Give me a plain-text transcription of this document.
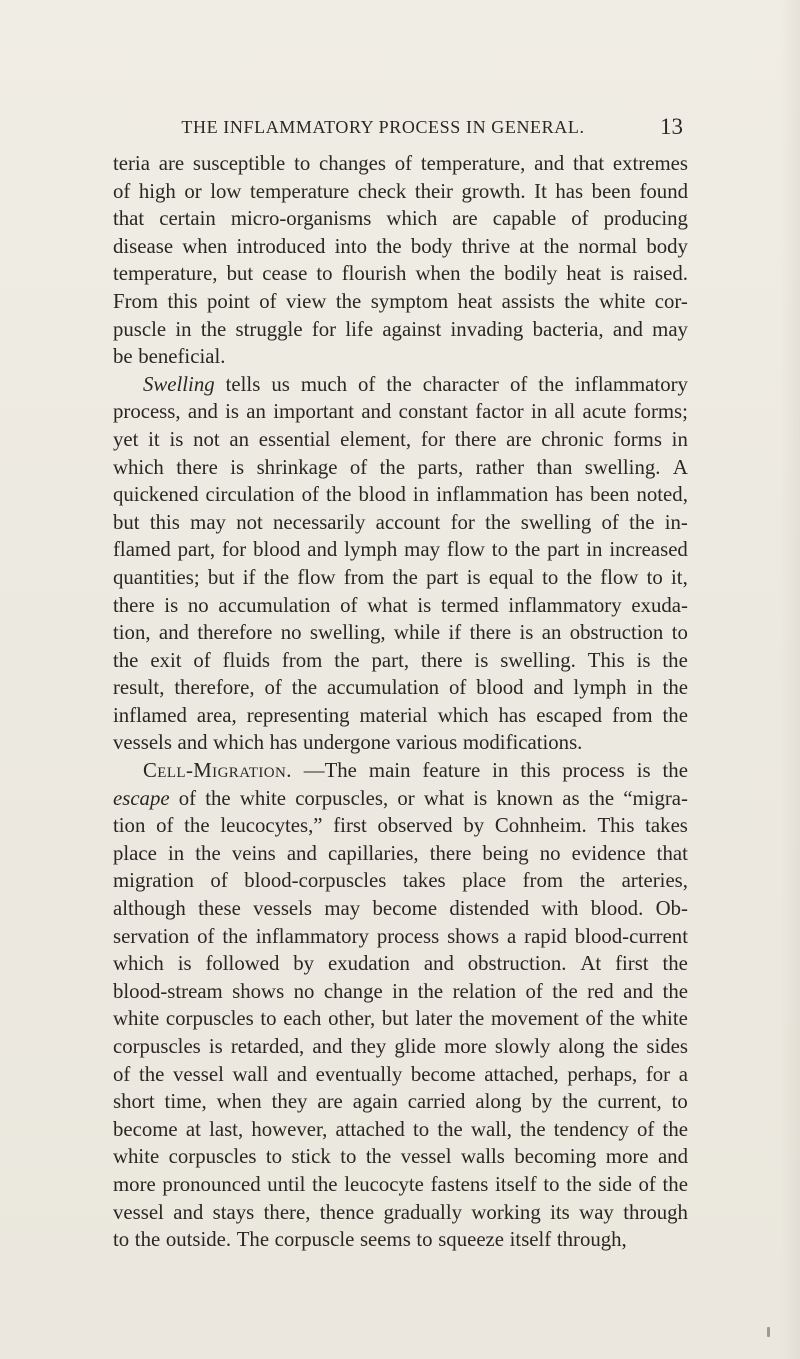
THE INFLAMMATORY PROCESS IN GENERAL.	13
teria are susceptible to changes of temperature, and that extremes
of high or low temperature check their growth. It has been found
that certain micro-organisms which are capable of producing
disease when introduced into the body thrive at the normal body
temperature, but cease to flourish when the bodily heat is raised.
From this point of view the symptom heat assists the white cor-
puscle in the struggle for life against invading bacteria, and may
be beneficial.
Swelling tells us much of the character of the inflammatory
process, and is an important and constant factor in all acute forms;
yet it is not an essential element, for there are chronic forms in
which there is shrinkage of the parts, rather than swelling. A
quickened circulation of the blood in inflammation has been noted,
but this may not necessarily account for the swelling of the in-
flamed part, for blood and lymph may flow to the part in increased
quantities; but if the flow from the part is equal to the flow to it,
there is no accumulation of what is termed inflammatory exuda-
tion, and therefore no swelling, while if there is an obstruction to
the exit of fluids from the part, there is swelling. This is the
result, therefore, of the accumulation of blood and lymph in the
inflamed area, representing material which has escaped from the
vessels and which has undergone various modifications.
Cell-Migration. —The main feature in this process is the
escape of the white corpuscles, or what is known as the “migra-
tion of the leucocytes,” first observed by Cohnheim. This takes
place in the veins and capillaries, there being no evidence that
migration of blood-corpuscles takes place from the arteries,
although these vessels may become distended with blood. Ob-
servation of the inflammatory process shows a rapid blood-current
which is followed by exudation and obstruction. At first the
blood-stream shows no change in the relation of the red and the
white corpuscles to each other, but later the movement of the white
corpuscles is retarded, and they glide more slowly along the sides
of the vessel wall and eventually become attached, perhaps, for a
short time, when they are again carried along by the current, to
become at last, however, attached to the wall, the tendency of the
white corpuscles to stick to the vessel walls becoming more and
more pronounced until the leucocyte fastens itself to the side of the
vessel and stays there, thence gradually working its way through
to the outside. The corpuscle seems to squeeze itself through,
